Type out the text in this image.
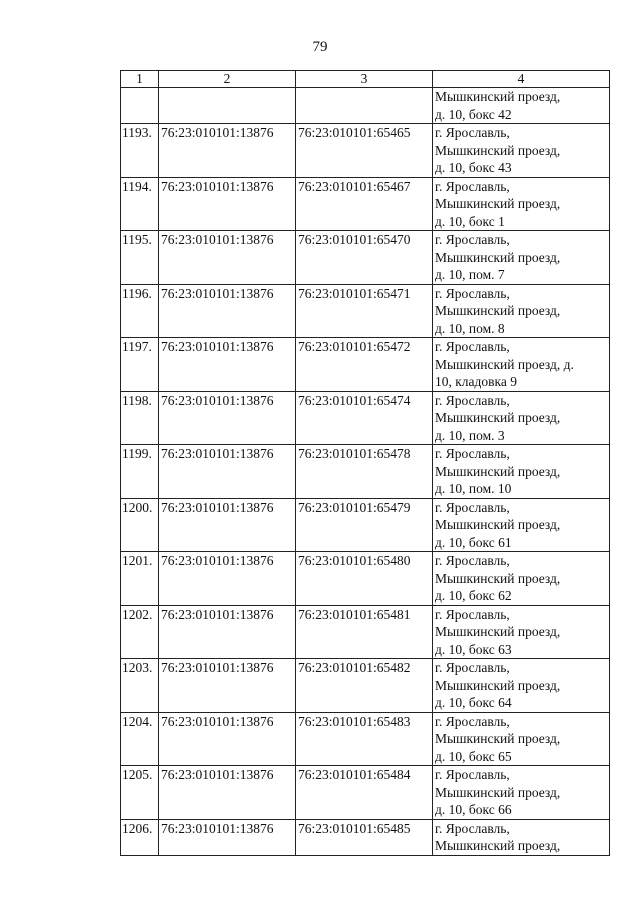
79
1	2	3	4

			Мышкинский проезд,
д. 10, бокс 42

1193.	76:23:010101:13876	76:23:010101:65465	г. Ярославль,
Мышкинский проезд,
д. 10, бокс 43

1194.	76:23:010101:13876	76:23:010101:65467	г. Ярославль,
Мышкинский проезд,
д. 10, бокс 1

1195.	76:23:010101:13876	76:23:010101:65470	г. Ярославль,
Мышкинский проезд,
д. 10, пом. 7

1196.	76:23:010101:13876	76:23:010101:65471	г. Ярославль,
Мышкинский проезд,
д. 10, пом. 8

1197.	76:23:010101:13876	76:23:010101:65472	г. Ярославль,
Мышкинский проезд, д.
10, кладовка 9

1198.	76:23:010101:13876	76:23:010101:65474	г. Ярославль,
Мышкинский проезд,
д. 10, пом. 3

1199.	76:23:010101:13876	76:23:010101:65478	г. Ярославль,
Мышкинский проезд,
д. 10, пом. 10

1200.	76:23:010101:13876	76:23:010101:65479	г. Ярославль,
Мышкинский проезд,
д. 10, бокс 61

1201.	76:23:010101:13876	76:23:010101:65480	г. Ярославль,
Мышкинский проезд,
д. 10, бокс 62

1202.	76:23:010101:13876	76:23:010101:65481	г. Ярославль,
Мышкинский проезд,
д. 10, бокс 63

1203.	76:23:010101:13876	76:23:010101:65482	г. Ярославль,
Мышкинский проезд,
д. 10, бокс 64

1204.	76:23:010101:13876	76:23:010101:65483	г. Ярославль,
Мышкинский проезд,
д. 10, бокс 65

1205.	76:23:010101:13876	76:23:010101:65484	г. Ярославль,
Мышкинский проезд,
д. 10, бокс 66

1206.	76:23:010101:13876	76:23:010101:65485	г. Ярославль,
Мышкинский проезд,
